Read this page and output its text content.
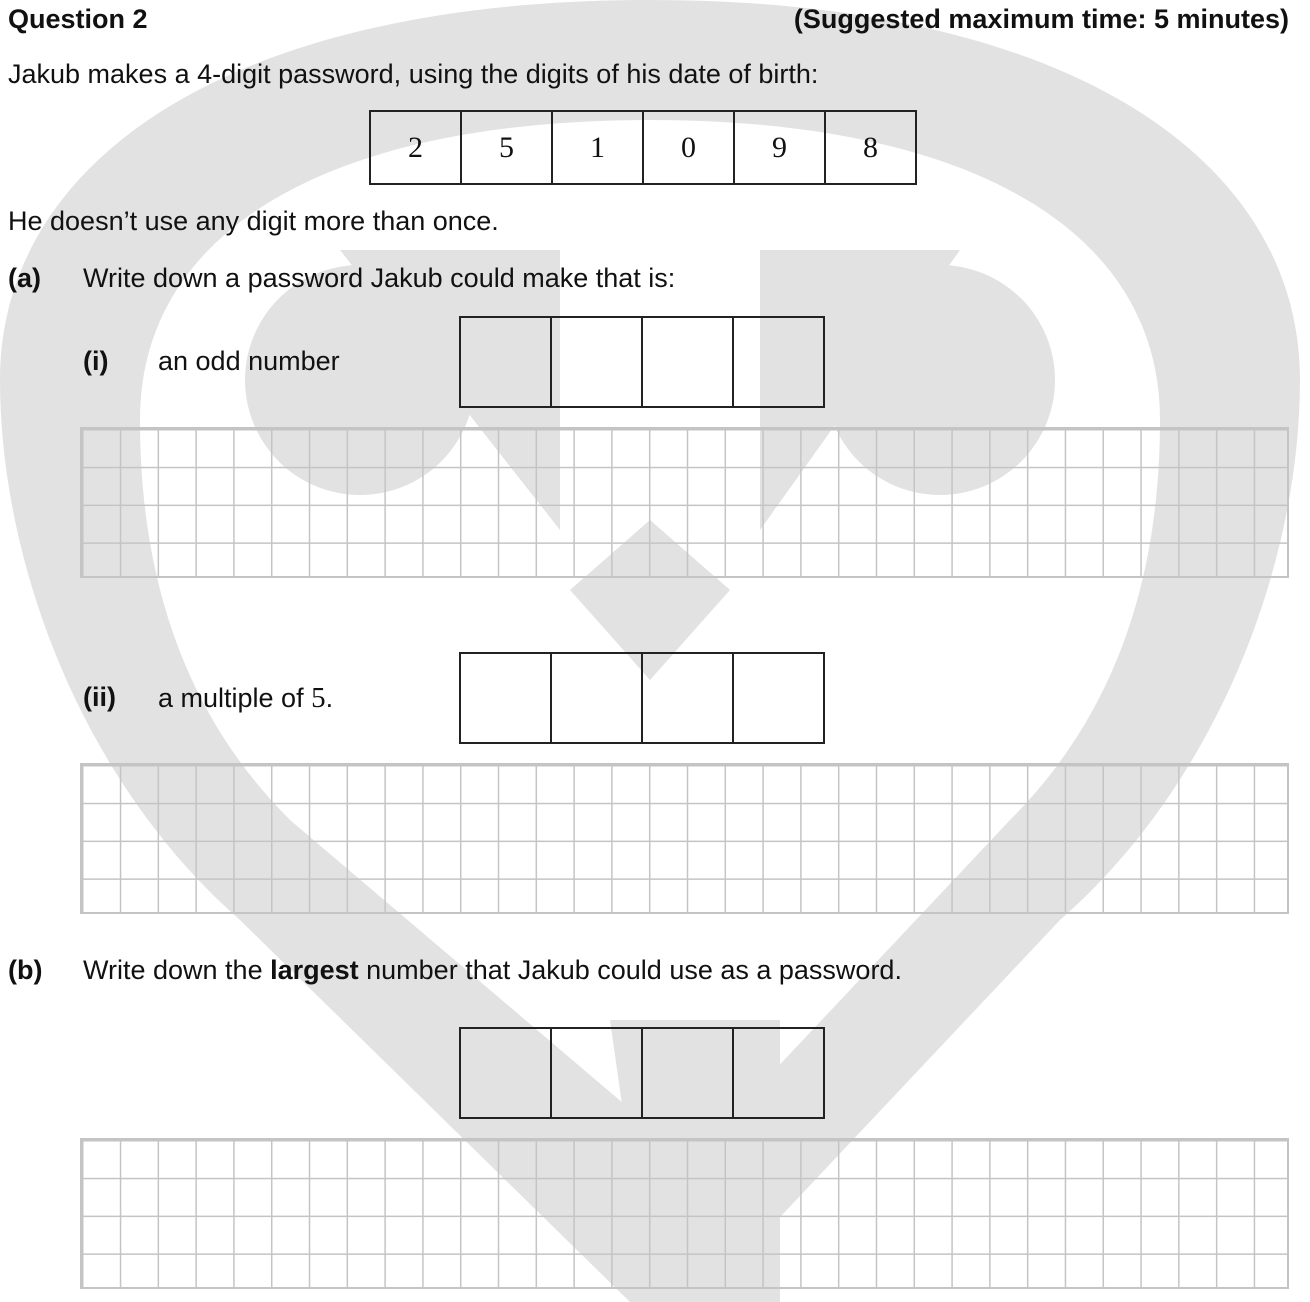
Question 2	(Suggested maximum time: 5 minutes)
Jakub makes a 4-digit password, using the digits of his date of birth:
2	5	1	0	9	8
He doesn’t use any digit more than once.
(a) Write down a password Jakub could make that is:
(i) an odd number
(ii) a multiple of 5.
(b) Write down the largest number that Jakub could use as a password.
